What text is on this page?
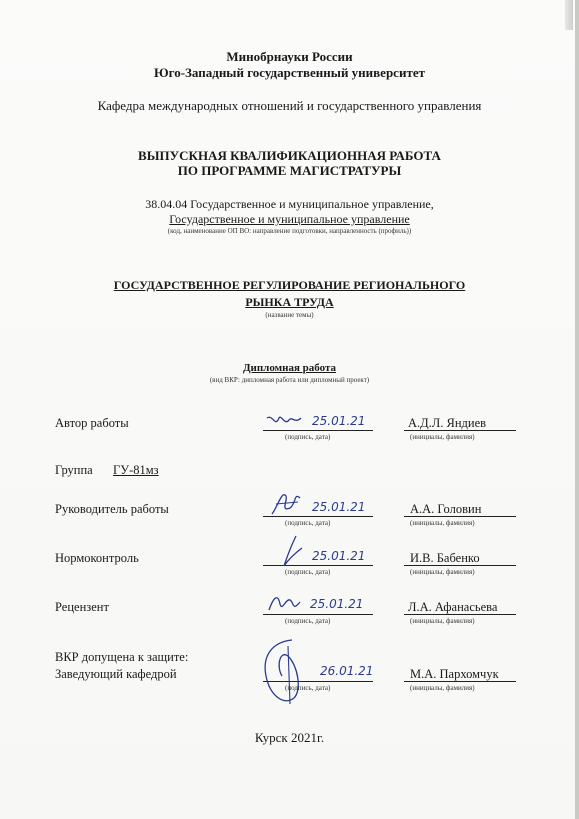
Минобрнауки России
Юго-Западный государственный университет
Кафедра международных отношений и государственного управления
ВЫПУСКНАЯ КВАЛИФИКАЦИОННАЯ РАБОТА
ПО ПРОГРАММЕ МАГИСТРАТУРЫ
38.04.04 Государственное и муниципальное управление,
Государственное и муниципальное управление
(код, наименование ОП ВО: направление подготовки, направленность (профиль))
ГОСУДАРСТВЕННОЕ РЕГУЛИРОВАНИЕ РЕГИОНАЛЬНОГО
РЫНКА ТРУДА
(название темы)
Дипломная работа
(вид ВКР: дипломная работа или дипломный проект)
Автор работы	25.01.21
(подпись, дата)
А.Д.Л. Яндиев
(инициалы, фамилия)
Группа ГУ-81мз
Руководитель работы	25.01.21
(подпись, дата)
А.А. Головин
(инициалы, фамилия)
Нормоконтроль	25.01.21
(подпись, дата)
И.В. Бабенко
(инициалы, фамилия)
Рецензент	25.01.21
(подпись, дата)
Л.А. Афанасьева
(инициалы, фамилия)
ВКР допущена к защите:
Заведующий кафедрой	26.01.21
(подпись, дата)
М.А. Пархомчук
(инициалы, фамилия)
Курск 2021г.
